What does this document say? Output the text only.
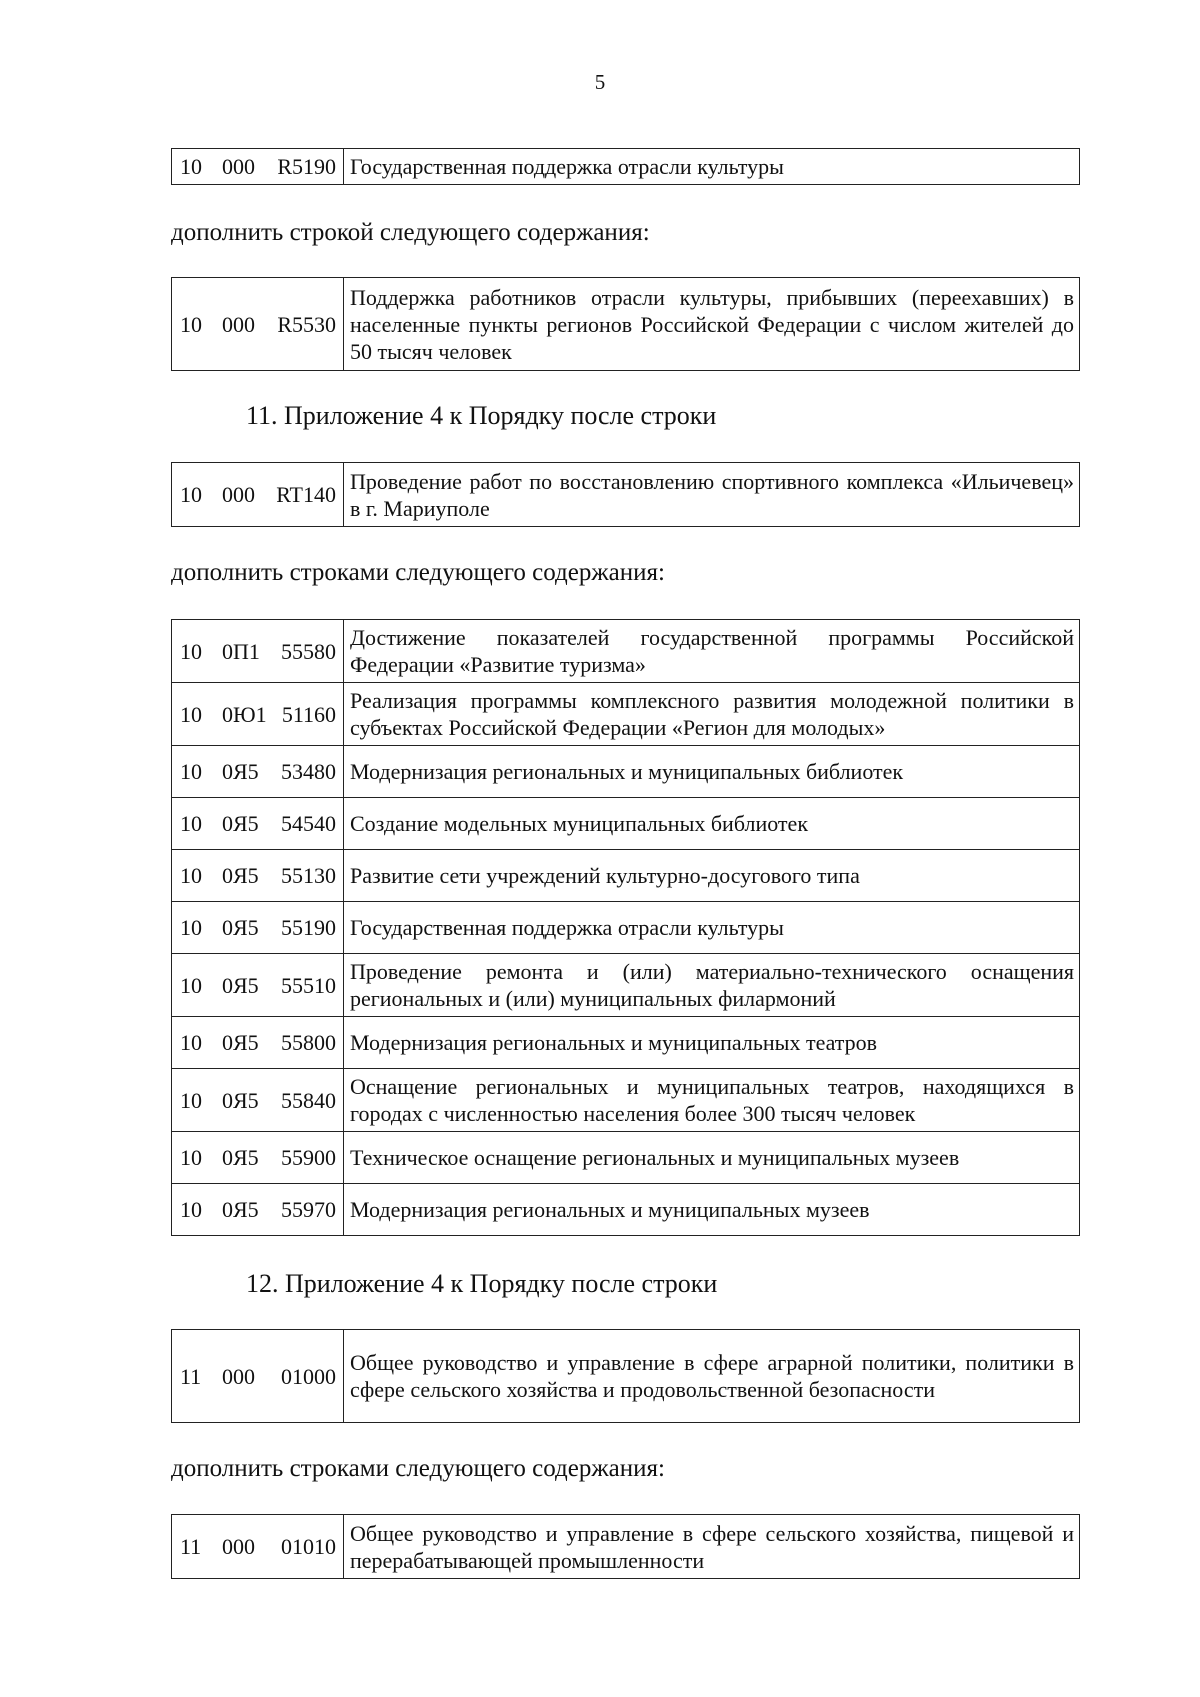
5
10 000 R5190	Государственная поддержка отрасли культуры
дополнить строкой следующего содержания:
10 000 R5530	Поддержка работников отрасли культуры, прибывших (переехавших) в населенные пункты регионов Российской Федерации с числом жителей до 50 тысяч человек
11. Приложение 4 к Порядку после строки
10 000 RT140	Проведение работ по восстановлению спортивного комплекса «Ильичевец» в г. Мариуполе
дополнить строками следующего содержания:
10 0П1 55580	Достижение показателей государственной программы Российской Федерации «Развитие туризма»
10 0Ю1 51160	Реализация программы комплексного развития молодежной политики в субъектах Российской Федерации «Регион для молодых»
10 0Я5 53480	Модернизация региональных и муниципальных библиотек
10 0Я5 54540	Создание модельных муниципальных библиотек
10 0Я5 55130	Развитие сети учреждений культурно-досугового типа
10 0Я5 55190	Государственная поддержка отрасли культуры
10 0Я5 55510	Проведение ремонта и (или) материально-технического оснащения региональных и (или) муниципальных филармоний
10 0Я5 55800	Модернизация региональных и муниципальных театров
10 0Я5 55840	Оснащение региональных и муниципальных театров, находящихся в городах с численностью населения более 300 тысяч человек
10 0Я5 55900	Техническое оснащение региональных и муниципальных музеев
10 0Я5 55970	Модернизация региональных и муниципальных музеев
12. Приложение 4 к Порядку после строки
11 000 01000	Общее руководство и управление в сфере аграрной политики, политики в сфере сельского хозяйства и продовольственной безопасности
дополнить строками следующего содержания:
11 000 01010	Общее руководство и управление в сфере сельского хозяйства, пищевой и перерабатывающей промышленности
